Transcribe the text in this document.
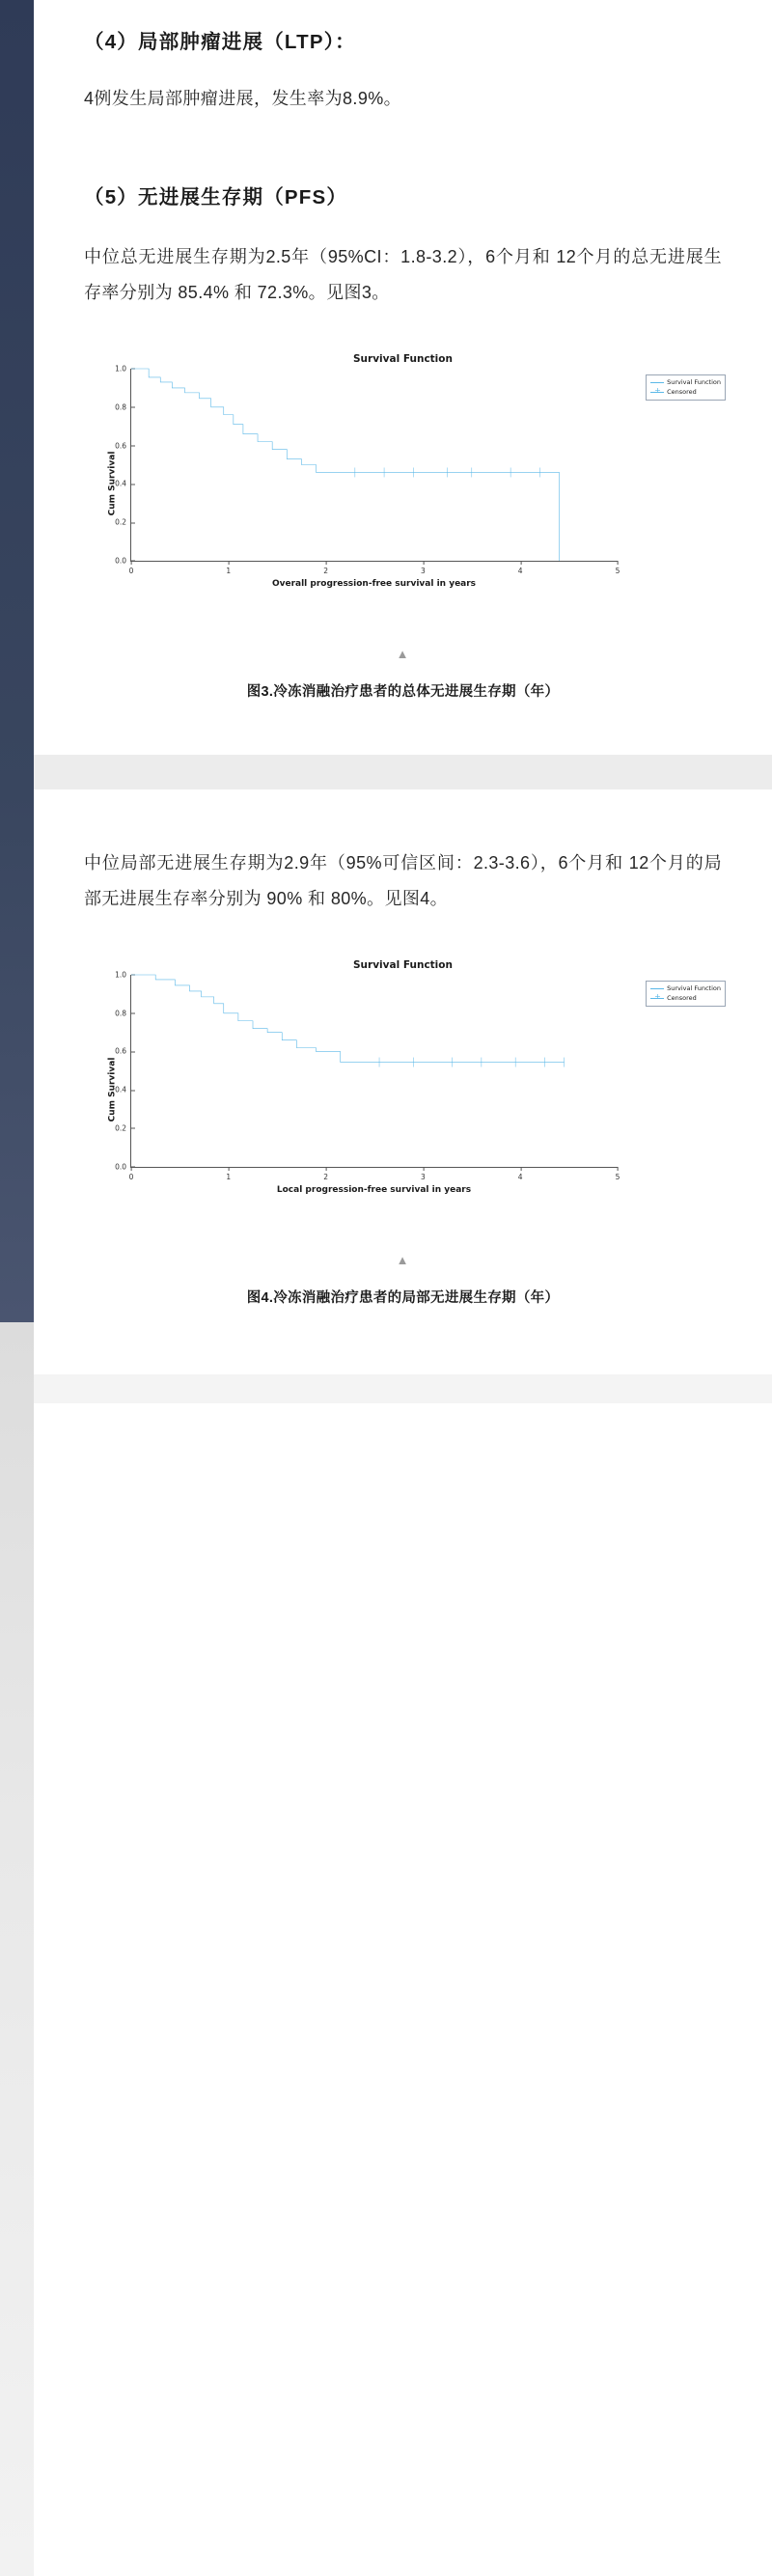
（4）局部肿瘤进展（LTP）：

4例发生局部肿瘤进展，发生率为8.9%。

（5）无进展生存期（PFS）

中位总无进展生存期为2.5年（95%CI：1.8-3.2），6个月和 12个月的总无进展生存率分别为 85.4% 和 72.3%。见图3。

Survival Function
Cum Survival
Survival Function
+
Censored
0.0
0.2
0.4
0.6
0.8
1.0
0	1	2	3	4	5
Overall progression-free survival in years
▲
图3.冷冻消融治疗患者的总体无进展生存期（年）

中位局部无进展生存期为2.9年（95%可信区间：2.3-3.6），6个月和 12个月的局部无进展生存率分别为 90% 和 80%。见图4。

Survival Function
Cum Survival
Survival Function
+
Censored
0.0
0.2
0.4
0.6
0.8
1.0
0	1	2	3	4	5
Local progression-free survival in years
▲
图4.冷冻消融治疗患者的局部无进展生存期（年）
